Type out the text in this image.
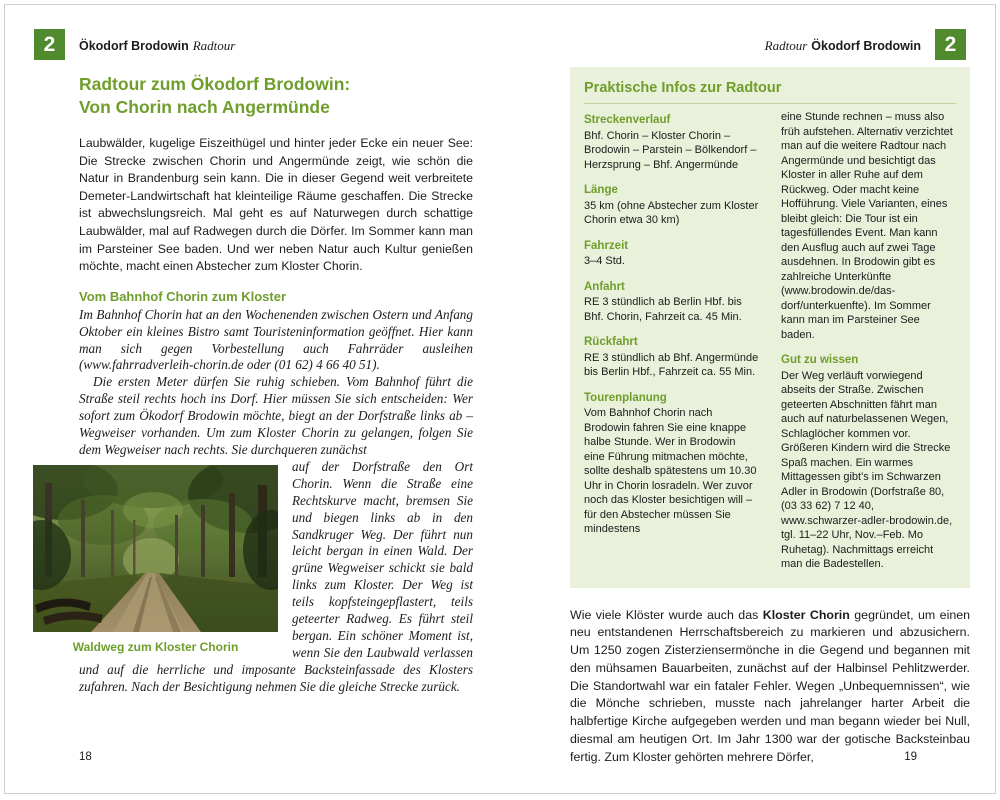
2	Ökodorf Brodowin Radtour	Radtour Ökodorf Brodowin	2
Radtour zum Ökodorf Brodowin:
Von Chorin nach Angermünde

Laubwälder, kugelige Eiszeithügel und hinter jeder Ecke ein neuer See: Die Strecke zwischen Chorin und Angermünde zeigt, wie schön die Natur in Brandenburg sein kann. Die in dieser Gegend weit verbreitete Demeter-Landwirtschaft hat kleinteilige Räume geschaffen. Die Strecke ist abwechslungsreich. Mal geht es auf Naturwegen durch schattige Laubwälder, mal auf Radwegen durch die Dörfer. Im Sommer kann man im Parsteiner See baden. Und wer neben Natur auch Kultur genießen möchte, macht einen Abstecher zum Kloster Chorin.

Vom Bahnhof Chorin zum Kloster

Im Bahnhof Chorin hat an den Wochenenden zwischen Ostern und Anfang Oktober ein kleines Bistro samt Touristeninformation geöffnet. Hier kann man sich gegen Vorbestellung auch Fahrräder ausleihen (www.fahrradverleih-chorin.de oder (01 62) 4 66 40 51).

Die ersten Meter dürfen Sie ruhig schieben. Vom Bahnhof führt die Straße steil rechts hoch ins Dorf. Hier müssen Sie sich entscheiden: Wer sofort zum Ökodorf Brodowin möchte, biegt an der Dorfstraße links ab – Wegweiser vorhanden. Um zum Kloster Chorin zu gelangen, folgen Sie dem Wegweiser nach rechts. Sie durchqueren zunächst

Waldweg zum Kloster Chorin

auf der Dorfstraße den Ort Chorin. Wenn die Straße eine Rechtskurve macht, bremsen Sie und biegen links ab in den Sandkruger Weg. Der führt nun leicht bergan in einen Wald. Der grüne Wegweiser schickt sie bald links zum Kloster. Der Weg ist teils kopfsteingepflastert, teils geteerter Radweg. Es führt steil bergan. Ein schöner Moment ist, wenn Sie den Laubwald verlassen und auf die herrliche und imposante Backsteinfassade des Klosters zufahren. Nach der Besichtigung nehmen Sie die gleiche Strecke zurück.

Praktische Infos zur Radtour
Streckenverlauf

Bhf. Chorin – Kloster Chorin – Brodowin – Parstein – Bölkendorf – Herzsprung – Bhf. Angermünde

Länge

35 km (ohne Abstecher zum Kloster Chorin etwa 30 km)

Fahrzeit

3–4 Std.

Anfahrt

RE 3 stündlich ab Berlin Hbf. bis Bhf. Chorin, Fahrzeit ca. 45 Min.

Rückfahrt

RE 3 stündlich ab Bhf. Angermünde bis Berlin Hbf., Fahrzeit ca. 55 Min.

Tourenplanung

Vom Bahnhof Chorin nach Brodowin fahren Sie eine knappe halbe Stunde. Wer in Brodowin eine Führung mitmachen möchte, sollte deshalb spätestens um 10.30 Uhr in Chorin losradeln. Wer zuvor noch das Kloster besichtigen will – für den Abstecher müssen Sie mindestens

eine Stunde rechnen – muss also früh aufstehen. Alternativ verzichtet man auf die weitere Radtour nach Angermünde und besichtigt das Kloster in aller Ruhe auf dem Rückweg. Oder macht keine Hofführung. Viele Varianten, eines bleibt gleich: Die Tour ist ein tagesfüllendes Event. Man kann den Ausflug auch auf zwei Tage ausdehnen. In Brodowin gibt es zahlreiche Unterkünfte (www.brodowin.de/das-dorf/unterkuenfte). Im Sommer kann man im Parsteiner See baden.

Gut zu wissen

Der Weg verläuft vorwiegend abseits der Straße. Zwischen geteerten Abschnitten fährt man auch auf naturbelassenen Wegen, Schlaglöcher kommen vor. Größeren Kindern wird die Strecke Spaß machen. Ein warmes Mittagessen gibt's im Schwarzen Adler in Brodowin (Dorfstraße 80, (03 33 62) 7 12 40, www.schwarzer-adler-brodowin.de, tgl. 11–22 Uhr, Nov.–Feb. Mo Ruhetag). Nachmittags erreicht man die Badestellen.

Wie viele Klöster wurde auch das Kloster Chorin gegründet, um einen neu entstandenen Herrschaftsbereich zu markieren und abzusichern. Um 1250 zogen Zisterziensermönche in die Gegend und begannen mit den mühsamen Bauarbeiten, zunächst auf der Halbinsel Pehlitzwerder. Die Standortwahl war ein fataler Fehler. Wegen „Unbequemnissen“, wie die Mönche schrieben, musste nach jahrelanger harter Arbeit die halbfertige Kirche aufgegeben werden und man begann wieder bei Null, diesmal am heutigen Ort. Im Jahr 1300 war der gotische Backsteinbau fertig. Zum Kloster gehörten mehrere Dörfer,

18	19
